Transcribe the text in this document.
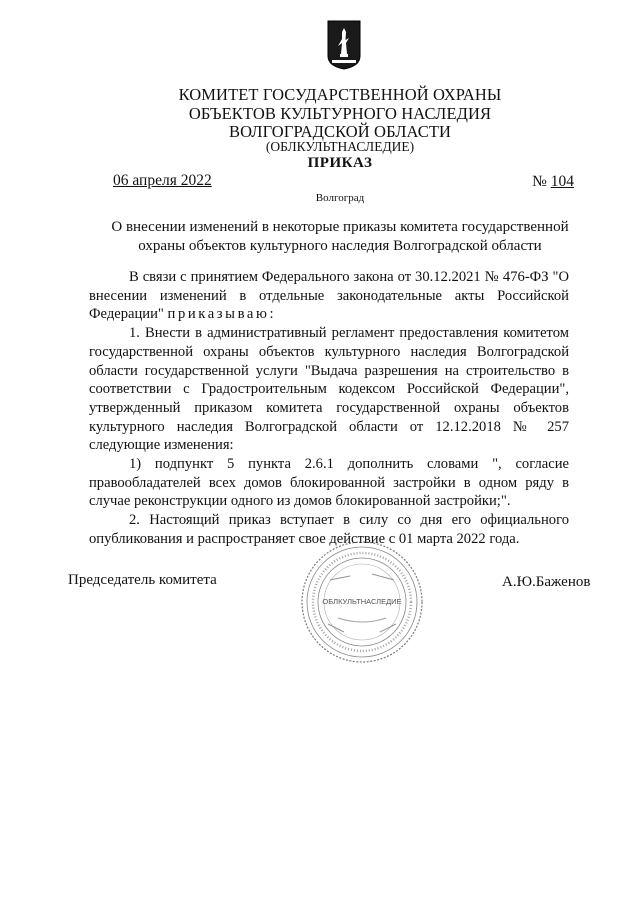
КОМИТЕТ ГОСУДАРСТВЕННОЙ ОХРАНЫ
ОБЪЕКТОВ КУЛЬТУРНОГО НАСЛЕДИЯ
ВОЛГОГРАДСКОЙ ОБЛАСТИ
(ОБЛКУЛЬТНАСЛЕДИЕ)
ПРИКАЗ
06 апреля 2022	№ 104
Волгоград
О внесении изменений в некоторые приказы комитета государственной
охраны объектов культурного наследия Волгоградской области

В связи с принятием Федерального закона от 30.12.2021 № 476-ФЗ "О внесении изменений в отдельные законодательные акты Российской Федерации" приказываю:

1. Внести в административный регламент предоставления комитетом государственной охраны объектов культурного наследия Волгоградской области государственной услуги "Выдача разрешения на строительство в соответствии с Градостроительным кодексом Российской Федерации", утвержденный приказом комитета государственной охраны объектов культурного наследия Волгоградской области от 12.12.2018 № 257 следующие изменения:

1) подпункт 5 пункта 2.6.1 дополнить словами ", согласие правообладателей всех домов блокированной застройки в одном ряду в случае реконструкции одного из домов блокированной застройки;".

2. Настоящий приказ вступает в силу со дня его официального опубликования и распространяет свое действие с 01 марта 2022 года.

Председатель комитета	А.Ю.Баженов
ОБЛКУЛЬТНАСЛЕДИЕ
